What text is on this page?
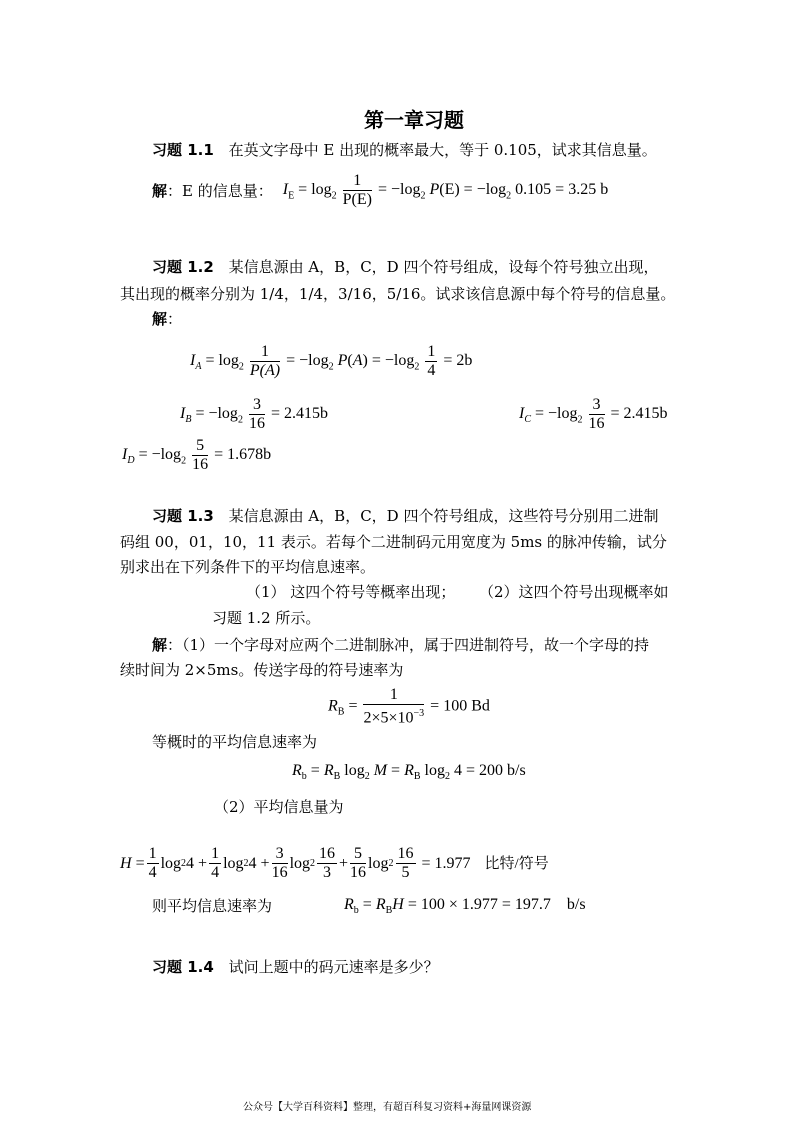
第一章习题
习题 1.1 在英文字母中 E 出现的概率最大，等于 0.105，试求其信息量。
解 ：E 的信息量： $I_E = \log_2 \frac{1}{P(E)} = -\log_2$ $P(E) = -\log_2$ 0.105 = 3.25 b
习题 1.2 某信息源由 A，B，C，D 四个符号组成，设每个符号独立出现，
其出现的概率分别为 1/4，1/4，3/16，5/16。试求该信息源中每个符号的信息量。
解：
$I_A = \log_2 \frac{1}{P(A)} = -\log_2$ $P(A) = -\log_2 \frac{1}{4} = 2b$
$I_B = -\log_2 \frac{3}{16} = 2.415b$	$I_C = -\log_2 \frac{3}{16} = 2.415b$
$I_D = -\log_2 \frac{5}{16} = 1.678b$
习题 1.3 某信息源由 A，B，C，D 四个符号组成，这些符号分别用二进制
码组 00，01，10，11 表示。若每个二进制码元用宽度为 5ms 的脉冲传输，试分
别求出在下列条件下的平均信息速率。
（1） 这四个符号等概率出现； （2）这四个符号出现概率如
习题 1.2 所示。
解：（1）一个字母对应两个二进制脉冲，属于四进制符号，故一个字母的持
续时间为 2×5ms。传送字母的符号速率为
$R_B = \frac{1}{2\times 5\times 10^{-3}} = 100$ Bd
等概时的平均信息速率为
$R_b = R_B$ $\log_2 M = R_B$ $\log_2 4 = 200$ b/s
（2）平均信息量为
$H = \frac{1}{4}$ log 2 $4 + \frac{1}{4}$ log 2 $4 + \frac{3}{16}$ $\log 2 \frac{16}{3} + \frac{5}{16}$ $\log 2 \frac{16}{5}$
= 1.977 比特/符号
则平均信息速率为	$R_b = R_BH = 100 \times 1.977 = 197.7$ b/s
习题 1.4 试问上题中的码元速率是多少？
公众号【大学百科资料】整理，有超百科复习资料+海量网课资源
